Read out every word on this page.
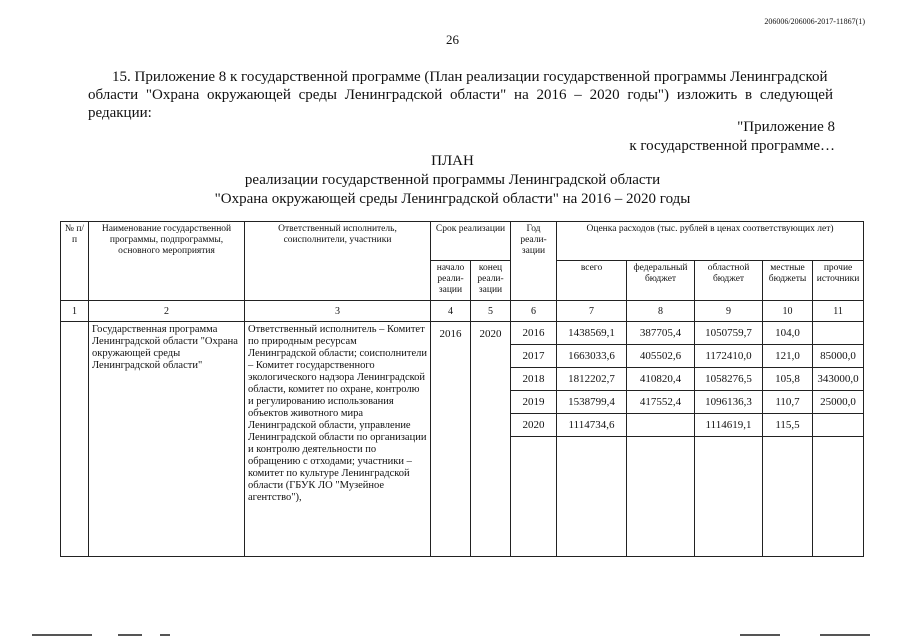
206006/206006-2017-11867(1)
26
15. Приложение 8 к государственной программе (План реализации государственной программы Ленинградской
области "Охрана окружающей среды Ленинградской области" на 2016 – 2020 годы") изложить в следующей редакции:
"Приложение 8
к государственной программе…
ПЛАН
реализации государственной программы Ленинградской области
"Охрана окружающей среды Ленинградской области" на 2016 – 2020 годы
№ п/п	Наименование государственной программы, подпрограммы, основного мероприятия	Ответственный исполнитель, соисполнители, участники	Срок реализации		Год реали-зации	Оценка расходов (тыс. рублей в ценах соответствующих лет)				
			начало реали-зации	конец реали-зации		всего	федеральный бюджет	областной бюджет	местные бюджеты	прочие источники

1	2	3	4	5	6	7	8	9	10	11
	Государственная программа Ленинградской области "Охрана окружающей среды Ленинградской области"	Ответственный исполнитель – Комитет по природным ресурсам Ленинградской области; соисполнители – Комитет государственного экологического надзора Ленинградской области, комитет по охране, контролю и регулированию использования объектов животного мира Ленинградской области, управление Ленинградской области по организации и контролю деятельности по обращению с отходами; участники – комитет по культуре Ленинградской области (ГБУК ЛО "Музейное агентство"),	2016	2020	2016	1438569,1	387705,4	1050759,7	104,0	
					2017	1663033,6	405502,6	1172410,0	121,0	85000,0
					2018	1812202,7	410820,4	1058276,5	105,8	343000,0
					2019	1538799,4	417552,4	1096136,3	110,7	25000,0
					2020	1114734,6		1114619,1	115,5	
